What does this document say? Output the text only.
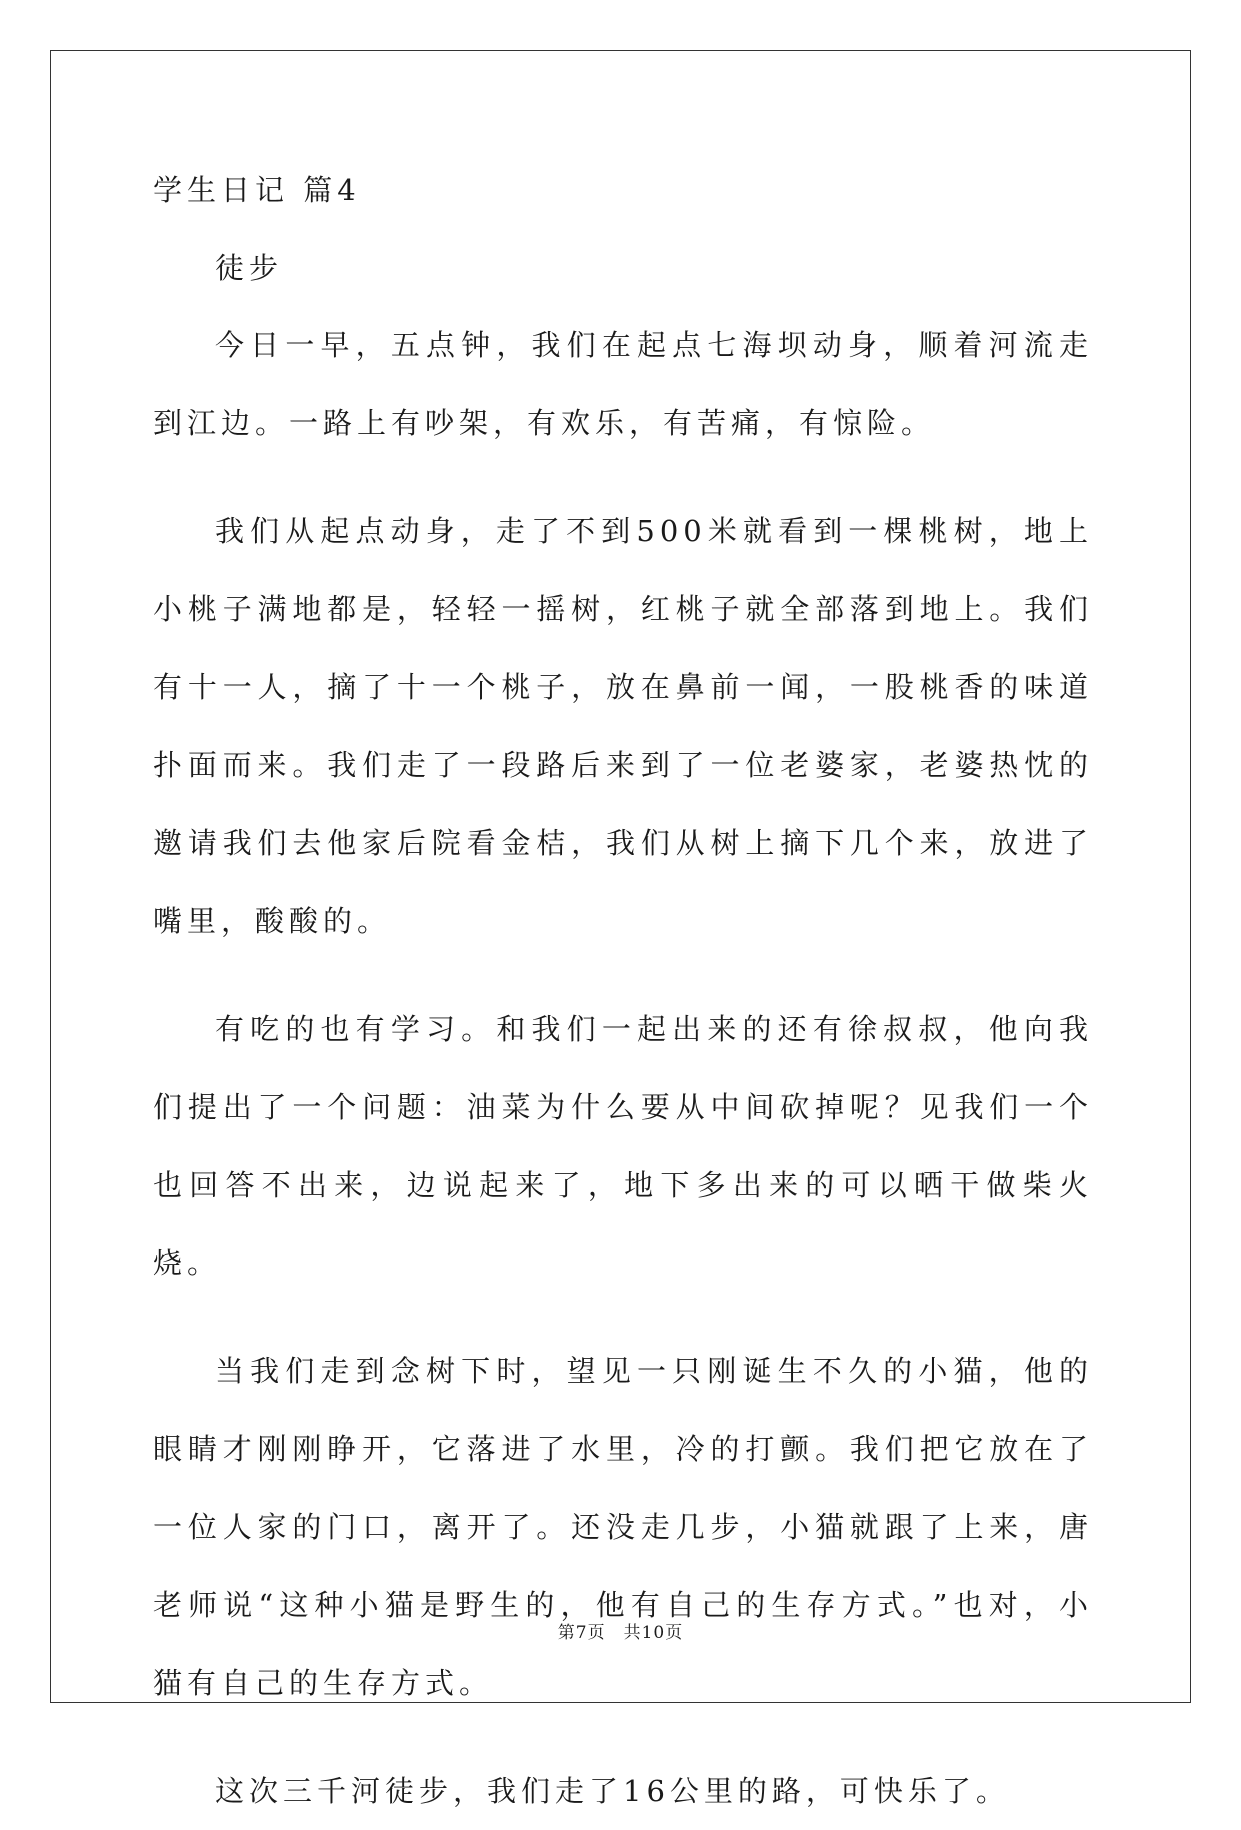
学生日记 篇4

徒步

今日一早，五点钟，我们在起点七海坝动身，顺着河流走到江边。一路上有吵架，有欢乐，有苦痛，有惊险。

我们从起点动身，走了不到500米就看到一棵桃树，地上小桃子满地都是，轻轻一摇树，红桃子就全部落到地上。我们有十一人，摘了十一个桃子，放在鼻前一闻，一股桃香的味道扑面而来。我们走了一段路后来到了一位老婆家，老婆热忱的邀请我们去他家后院看金桔，我们从树上摘下几个来，放进了嘴里，酸酸的。

有吃的也有学习。和我们一起出来的还有徐叔叔，他向我们提出了一个问题：油菜为什么要从中间砍掉呢？见我们一个也回答不出来，边说起来了，地下多出来的可以晒干做柴火烧。

当我们走到念树下时，望见一只刚诞生不久的小猫，他的眼睛才刚刚睁开，它落进了水里，冷的打颤。我们把它放在了一位人家的门口，离开了。还没走几步，小猫就跟了上来，唐老师说“这种小猫是野生的，他有自己的生存方式。”也对，小猫有自己的生存方式。

这次三千河徒步，我们走了16公里的路，可快乐了。

第7页 共10页
